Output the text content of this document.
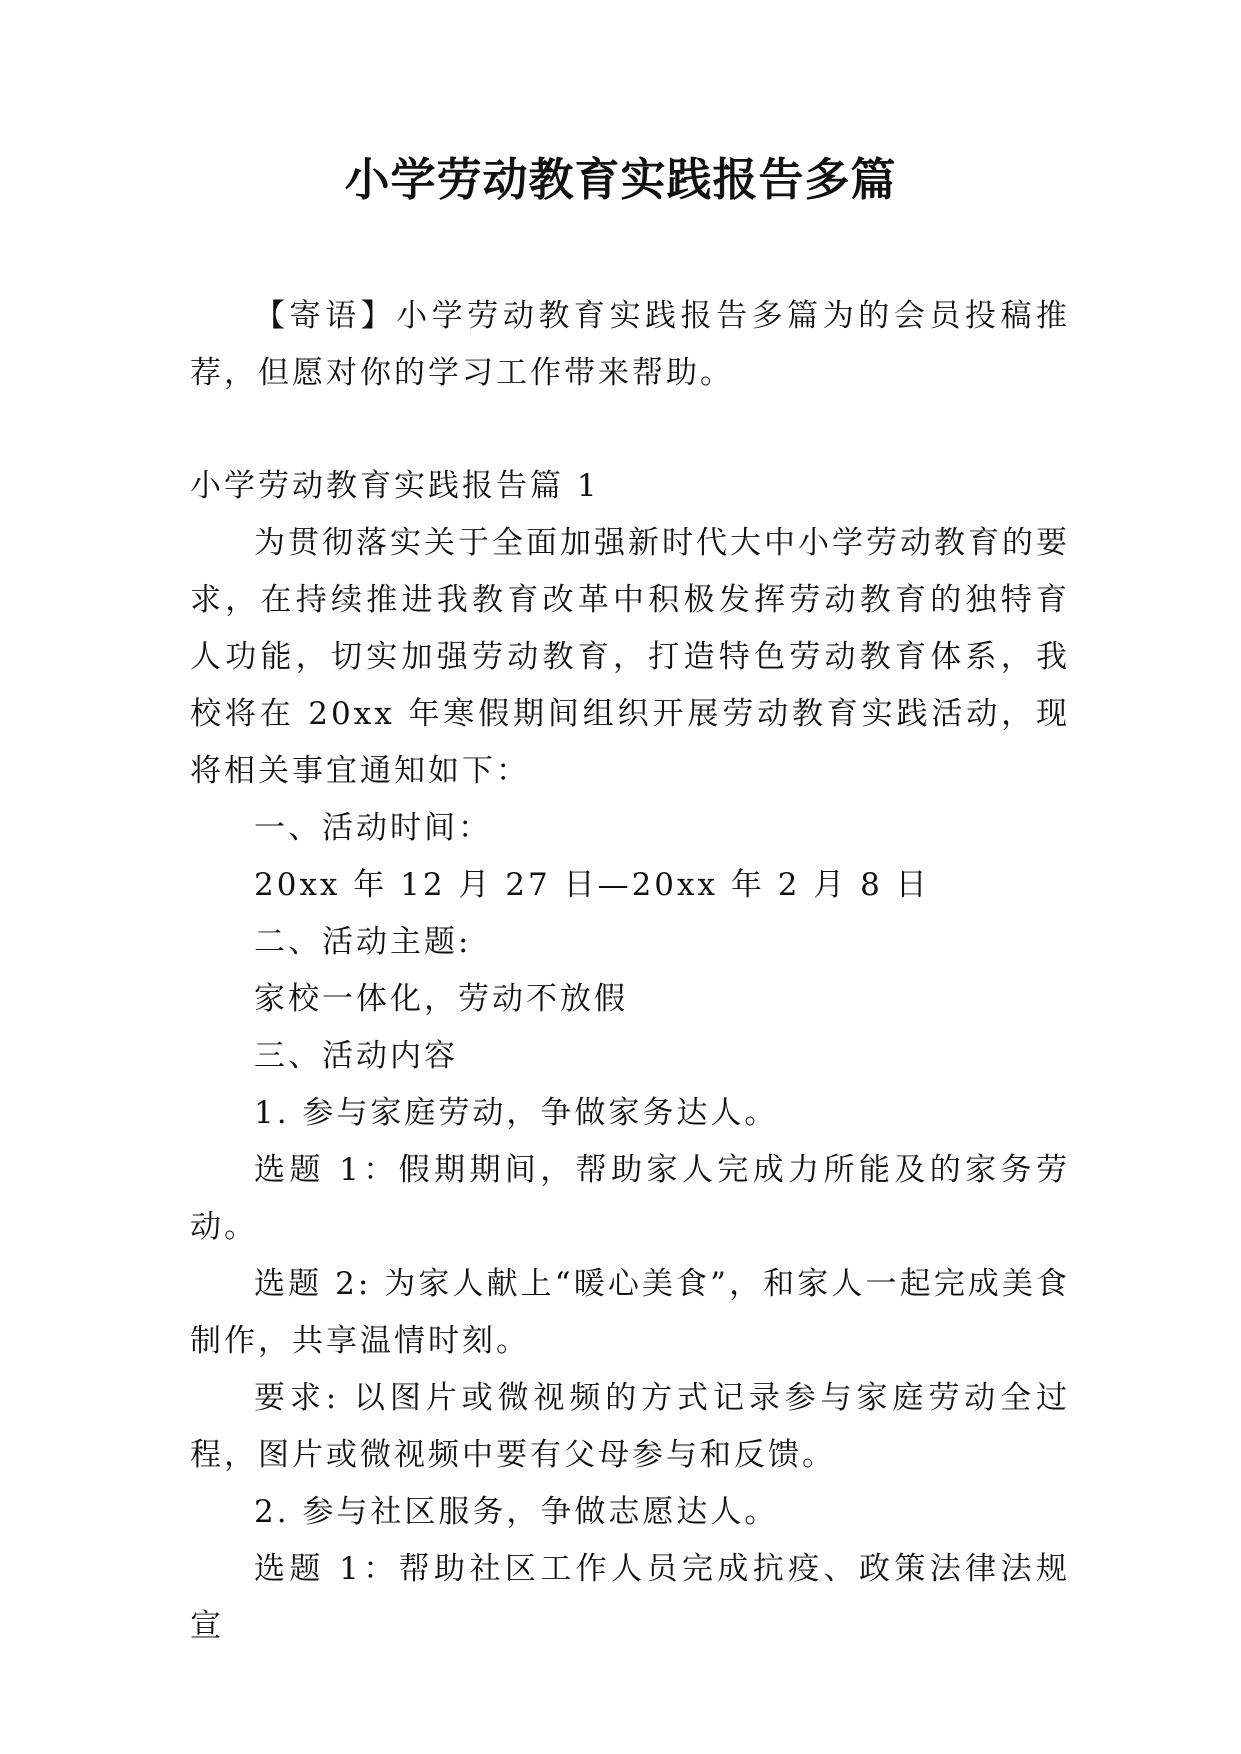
小学劳动教育实践报告多篇

【寄语】小学劳动教育实践报告多篇为的会员投稿推荐，但愿对你的学习工作带来帮助。

小学劳动教育实践报告篇 1

为贯彻落实关于全面加强新时代大中小学劳动教育的要求，在持续推进我教育改革中积极发挥劳动教育的独特育人功能，切实加强劳动教育，打造特色劳动教育体系，我校将在 20xx 年寒假期间组织开展劳动教育实践活动，现将相关事宜通知如下：

一、活动时间：

20xx 年 12 月 27 日—20xx 年 2 月 8 日

二、活动主题:

家校一体化，劳动不放假

三、活动内容

1. 参与家庭劳动，争做家务达人。

选题 1：假期期间，帮助家人完成力所能及的家务劳动。

选题 2: 为家人献上“暖心美食”，和家人一起完成美食制作，共享温情时刻。

要求: 以图片或微视频的方式记录参与家庭劳动全过程，图片或微视频中要有父母参与和反馈。

2. 参与社区服务，争做志愿达人。

选题 1：帮助社区工作人员完成抗疫、政策法律法规宣
